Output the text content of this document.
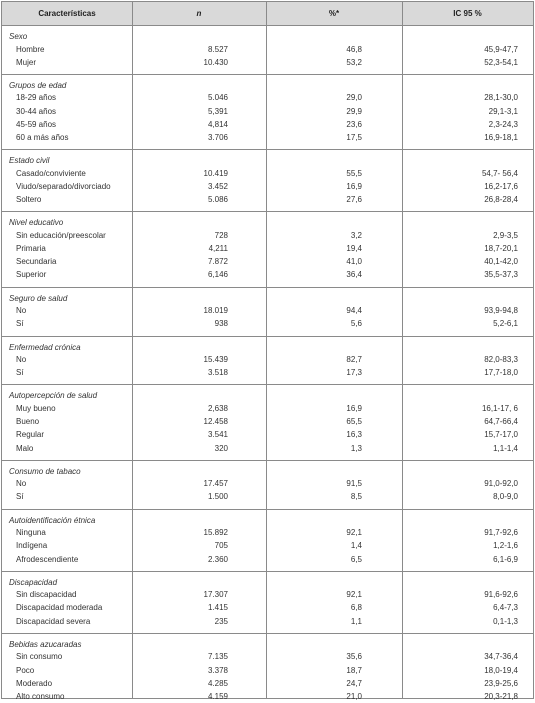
Características	n	%*	IC 95 %
Sexo
Hombre	8.527	46,8	45,9-47,7
Mujer	10.430	53,2	52,3-54,1
Grupos de edad
18-29 años	5.046	29,0	28,1-30,0
30-44 años	5,391	29,9	29,1-3,1
45-59 años	4,814	23,6	2,3-24,3
60 a más años	3.706	17,5	16,9-18,1
Estado civil
Casado/conviviente	10.419	55,5	54,7- 56,4
Viudo/separado/divorciado	3.452	16,9	16,2-17,6
Soltero	5.086	27,6	26,8-28,4
Nivel educativo
Sin educación/preescolar	728	3,2	2,9-3,5
Primaria	4,211	19,4	18,7-20,1
Secundaria	7.872	41,0	40,1-42,0
Superior	6,146	36,4	35,5-37,3
Seguro de salud
No	18.019	94,4	93,9-94,8
Sí	938	5,6	5,2-6,1
Enfermedad crónica
No	15.439	82,7	82,0-83,3
Sí	3.518	17,3	17,7-18,0
Autopercepción de salud
Muy bueno	2,638	16,9	16,1-17, 6
Bueno	12.458	65,5	64,7-66,4
Regular	3.541	16,3	15,7-17,0
Malo	320	1,3	1,1-1,4
Consumo de tabaco
No	17.457	91,5	91,0-92,0
Sí	1.500	8,5	8,0-9,0
Autoidentificación étnica
Ninguna	15.892	92,1	91,7-92,6
Indígena	705	1,4	1,2-1,6
Afrodescendiente	2.360	6,5	6,1-6,9
Discapacidad
Sin discapacidad	17.307	92,1	91,6-92,6
Discapacidad moderada	1.415	6,8	6,4-7,3
Discapacidad severa	235	1,1	0,1-1,3
Bebidas azucaradas
Sin consumo	7.135	35,6	34,7-36,4
Poco	3.378	18,7	18,0-19,4
Moderado	4.285	24,7	23,9-25,6
Alto consumo	4.159	21,0	20,3-21,8
